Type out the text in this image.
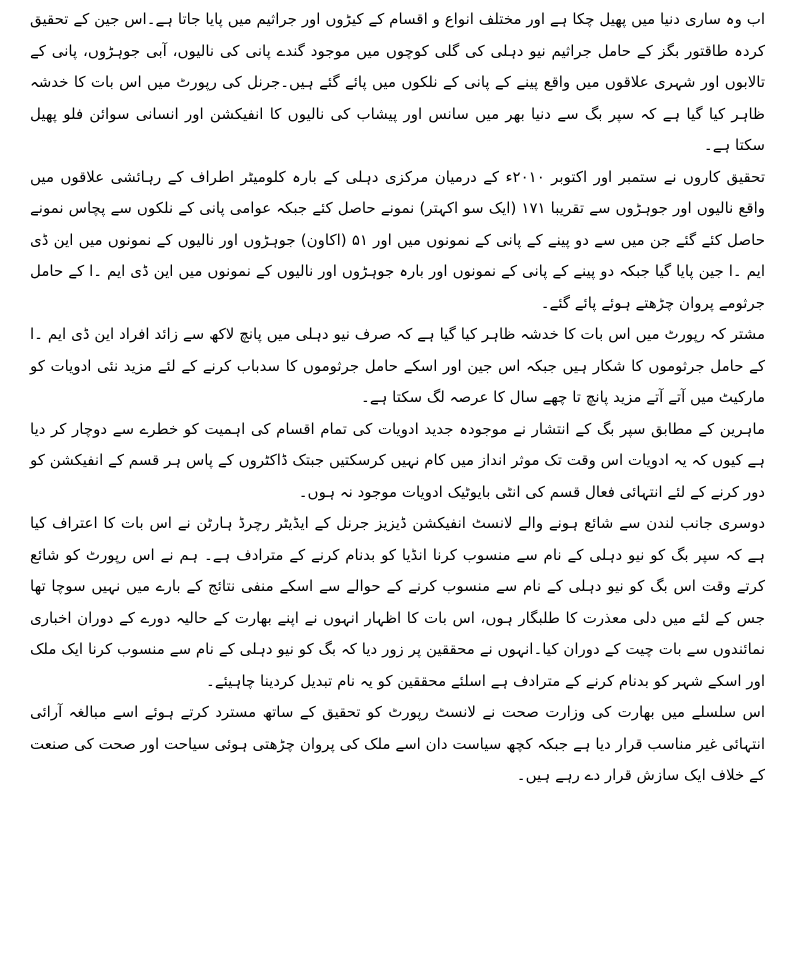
اب وہ ساری دنیا میں پھیل چکا ہے اور مختلف انواع و اقسام کے کیڑوں اور جراثیم میں پایا جاتا ہے۔اس جین کے تحقیق کردہ طاقتور بگز کے حامل جراثیم نیو دہلی کی گلی کوچوں میں موجود گندے پانی کی نالیوں، آبی جوہڑوں، پانی کے تالابوں اور شہری علاقوں میں واقع پینے کے پانی کے نلکوں میں پائے گئے ہیں۔جرنل کی رپورٹ میں اس بات کا خدشہ ظاہر کیا گیا ہے کہ سپر بگ سے دنیا بھر میں سانس اور پیشاب کی نالیوں کا انفیکشن اور انسانی سوائن فلو پھیل سکتا ہے۔

تحقیق کاروں نے ستمبر اور اکتوبر ۲۰۱۰ء کے درمیان مرکزی دہلی کے بارہ کلومیٹر اطراف کے رہائشی علاقوں میں واقع نالیوں اور جوہڑوں سے تقریبا ۱۷۱ (ایک سو اکہتر) نمونے حاصل کئے جبکہ عوامی پانی کے نلکوں سے پچاس نمونے حاصل کئے گئے جن میں سے دو پینے کے پانی کے نمونوں میں اور ۵۱ (اکاون) جوہڑوں اور نالیوں کے نمونوں میں این ڈی ایم ۔ا جین پایا گیا جبکہ دو پینے کے پانی کے نمونوں اور بارہ جوہڑوں اور نالیوں کے نمونوں میں این ڈی ایم ۔ا کے حامل جرثومے پروان چڑھتے ہوئے پائے گئے۔

مشتر کہ رپورٹ میں اس بات کا خدشہ ظاہر کیا گیا ہے کہ صرف نیو دہلی میں پانچ لاکھ سے زائد افراد این ڈی ایم ۔ا کے حامل جرثوموں کا شکار ہیں جبکہ اس جین اور اسکے حامل جرثوموں کا سدباب کرنے کے لئے مزید نئی ادویات کو مارکیٹ میں آتے آتے مزید پانچ تا چھے سال کا عرصہ لگ سکتا ہے۔

ماہرین کے مطابق سپر بگ کے انتشار نے موجودہ جدید ادویات کی تمام اقسام کی اہمیت کو خطرے سے دوچار کر دیا ہے کیوں کہ یہ ادویات اس وقت تک موثر انداز میں کام نہیں کرسکتیں جبتک ڈاکٹروں کے پاس ہر قسم کے انفیکشن کو دور کرنے کے لئے انتہائی فعال قسم کی انٹی بایوٹیک ادویات موجود نہ ہوں۔

دوسری جانب لندن سے شائع ہونے والے لانسٹ انفیکشن ڈیزیز جرنل کے ایڈیٹر رچرڈ ہارٹن نے اس بات کا اعتراف کیا ہے کہ سپر بگ کو نیو دہلی کے نام سے منسوب کرنا انڈیا کو بدنام کرنے کے مترادف ہے۔ ہم نے اس رپورٹ کو شائع کرتے وقت اس بگ کو نیو دہلی کے نام سے منسوب کرنے کے حوالے سے اسکے منفی نتائج کے بارے میں نہیں سوچا تھا جس کے لئے میں دلی معذرت کا طلبگار ہوں، اس بات کا اظہار انہوں نے اپنے بھارت کے حالیہ دورے کے دوران اخباری نمائندوں سے بات چیت کے دوران کیا۔انہوں نے محققین پر زور دیا کہ بگ کو نیو دہلی کے نام سے منسوب کرنا ایک ملک اور اسکے شہر کو بدنام کرنے کے مترادف ہے اسلئے محققین کو یہ نام تبدیل کردینا چاہیئے۔

اس سلسلے میں بھارت کی وزارت صحت نے لانسٹ رپورٹ کو تحقیق کے ساتھ مسترد کرتے ہوئے اسے مبالغہ آرائی انتہائی غیر مناسب قرار دیا ہے جبکہ کچھ سیاست دان اسے ملک کی پروان چڑھتی ہوئی سیاحت اور صحت کی صنعت کے خلاف ایک سازش قرار دے رہے ہیں۔
